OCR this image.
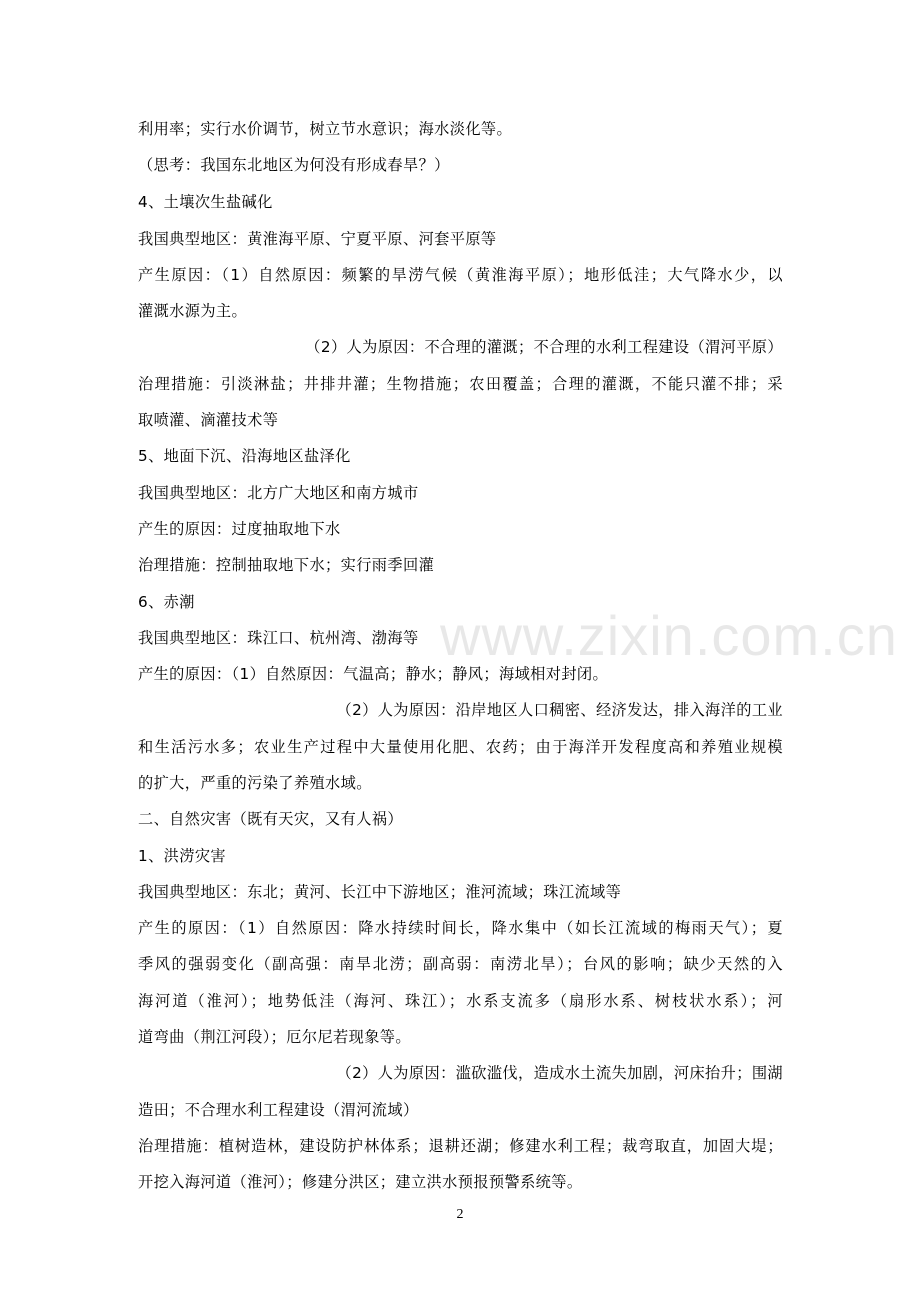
www.zixin.com.cn
利用率；实行水价调节，树立节水意识；海水淡化等。
（思考：我国东北地区为何没有形成春旱？）
4、土壤次生盐碱化
我国典型地区：黄淮海平原、宁夏平原、河套平原等
产生原因：（1）自然原因：频繁的旱涝气候（黄淮海平原）；地形低洼；大气降水少，以
灌溉水源为主。
（2）人为原因：不合理的灌溉；不合理的水利工程建设（渭河平原）
治理措施：引淡淋盐；井排井灌；生物措施；农田覆盖；合理的灌溉，不能只灌不排；采
取喷灌、滴灌技术等
5、地面下沉、沿海地区盐泽化
我国典型地区：北方广大地区和南方城市
产生的原因：过度抽取地下水
治理措施：控制抽取地下水；实行雨季回灌
6、赤潮
我国典型地区：珠江口、杭州湾、渤海等
产生的原因：（1）自然原因：气温高；静水；静风；海域相对封闭。
（2）人为原因：沿岸地区人口稠密、经济发达，排入海洋的工业
和生活污水多；农业生产过程中大量使用化肥、农药；由于海洋开发程度高和养殖业规模
的扩大，严重的污染了养殖水域。
二、自然灾害（既有天灾，又有人祸）
1、洪涝灾害
我国典型地区：东北；黄河、长江中下游地区；淮河流域；珠江流域等
产生的原因：（1）自然原因：降水持续时间长，降水集中（如长江流域的梅雨天气）；夏
季风的强弱变化（副高强：南旱北涝；副高弱：南涝北旱）；台风的影响；缺少天然的入
海河道（淮河）；地势低洼（海河、珠江）；水系支流多（扇形水系、树枝状水系）；河
道弯曲（荆江河段）；厄尔尼若现象等。
（2）人为原因：滥砍滥伐，造成水土流失加剧，河床抬升；围湖
造田；不合理水利工程建设（渭河流域）
治理措施：植树造林，建设防护林体系；退耕还湖；修建水利工程；裁弯取直，加固大堤；
开挖入海河道（淮河）；修建分洪区；建立洪水预报预警系统等。
2
